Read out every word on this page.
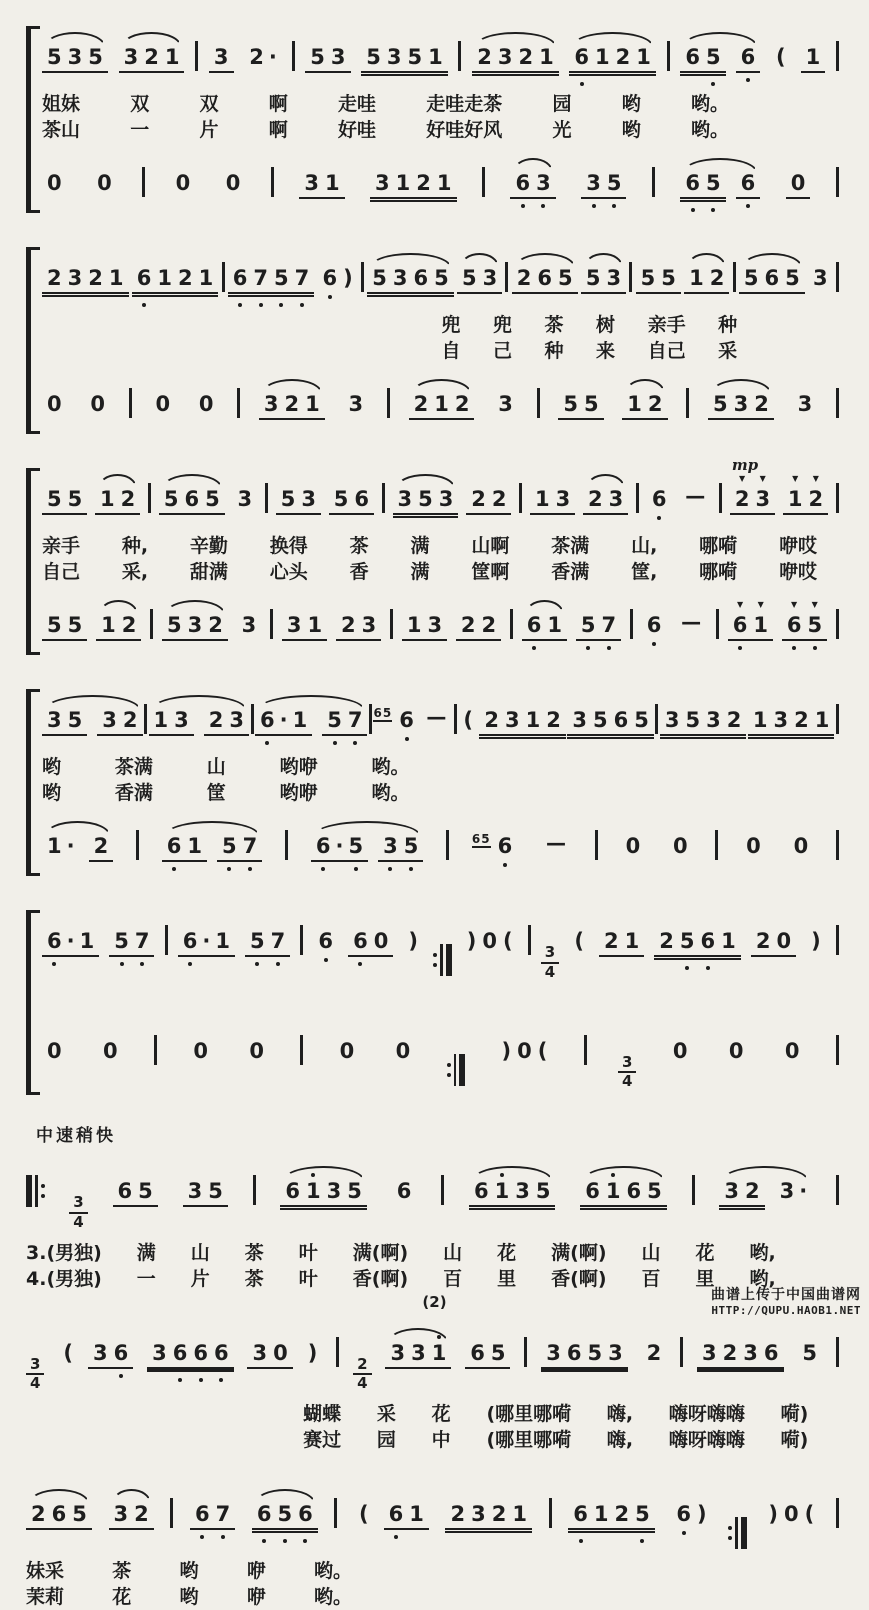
5 3 5 3 2 1 3 2 · 5 3 5 3 5 1 2 3 2 1 6 1 2 1 6 5 6 ( 1
姐妹	双	双	啊	走哇	走哇走茶	园	哟	哟。
茶山	一	片	啊	好哇	好哇好风	光	哟	哟。
0 0	0 0	3 1 3 1 2 1	6 3 3 5	6 5 6 0
2 3 2 1 6 1 2 1 6 7 5 7 6 ) 5 3 6 5 5 3 2 6 5 5 3 5 5 1 2 5 6 5 3
兜 兜 茶 树 亲手 种
自 己 种 来 自己 采
0 0 0 0 3 2 1 3 2 1 2 3 5 5 1 2 5 3 2 3
5 5 1 2 5 6 5 3 5 3 5 6 3 5 3 2 2 1 3 2 3 6 —
mp
2
▼
3
▼
1
▼
2
▼
亲手 种, 辛勤 换得 茶 满 山啊 茶满 山, 哪嗬 咿哎
自己 采, 甜满 心头 香 满 筐啊 香满 筐, 哪嗬 咿哎
5 5 1 2 5 3 2 3 3 1 2 3 1 3 2 2 6 1 5 7 6 — 6
▼
1
▼
6
▼
5
▼
3 5 3 2 1 3 2 3 6 · 1 5 7 65 6 — ( 2 3 1 2 3 5 6 5 3 5 3 2 1 3 2 1
哟	茶满	山	哟咿	哟。
哟	香满	筐	哟咿	哟。
1 · 2	6 1 5 7	6 · 5 3 5	65 6 —	0 0	0 0
6 · 1 5 7 6 · 1 5 7 6 6 0 ) ) 0 (
$\frac{3}{4}$
( 2 1 2 5 6 1 2 0 )
0 0	0 0	0 0	) 0 (
$\frac{3}{4}$
0 0 0
中速稍快
$\frac{3}{4}$
6 5 3 5	6 1 3 5 6	6 1 3 5 6 1 6 5	3 2 3 ·
3.(男独) 满 山 茶 叶 满(啊) 山 花 满(啊) 山 花 哟,
4.(男独) 一 片 茶 叶 香(啊) 百 里 香(啊) 百 里 哟,
$\frac{3}{4}$
( 3 6 3 6 6 6 3 0 )
$\frac{2}{4}$
3 3 1 6 5 3 6 5 3 2 3 2 3 6 5
蝴蝶 采 花 (哪里哪嗬 嗨, 嗨呀嗨嗨 嗬)
赛过 园 中 (哪里哪嗬 嗨, 嗨呀嗨嗨 嗬)
2 6 5 3 2 6 7 6 5 6 ( 6 1 2 3 2 1 6 1 2 5 6 )	) 0 (
妹采	茶	哟	咿	哟。
茉莉	花	哟	咿	哟。
(2)	曲谱上传于中国曲谱网
HTTP://QUPU.HAOB1.NET
